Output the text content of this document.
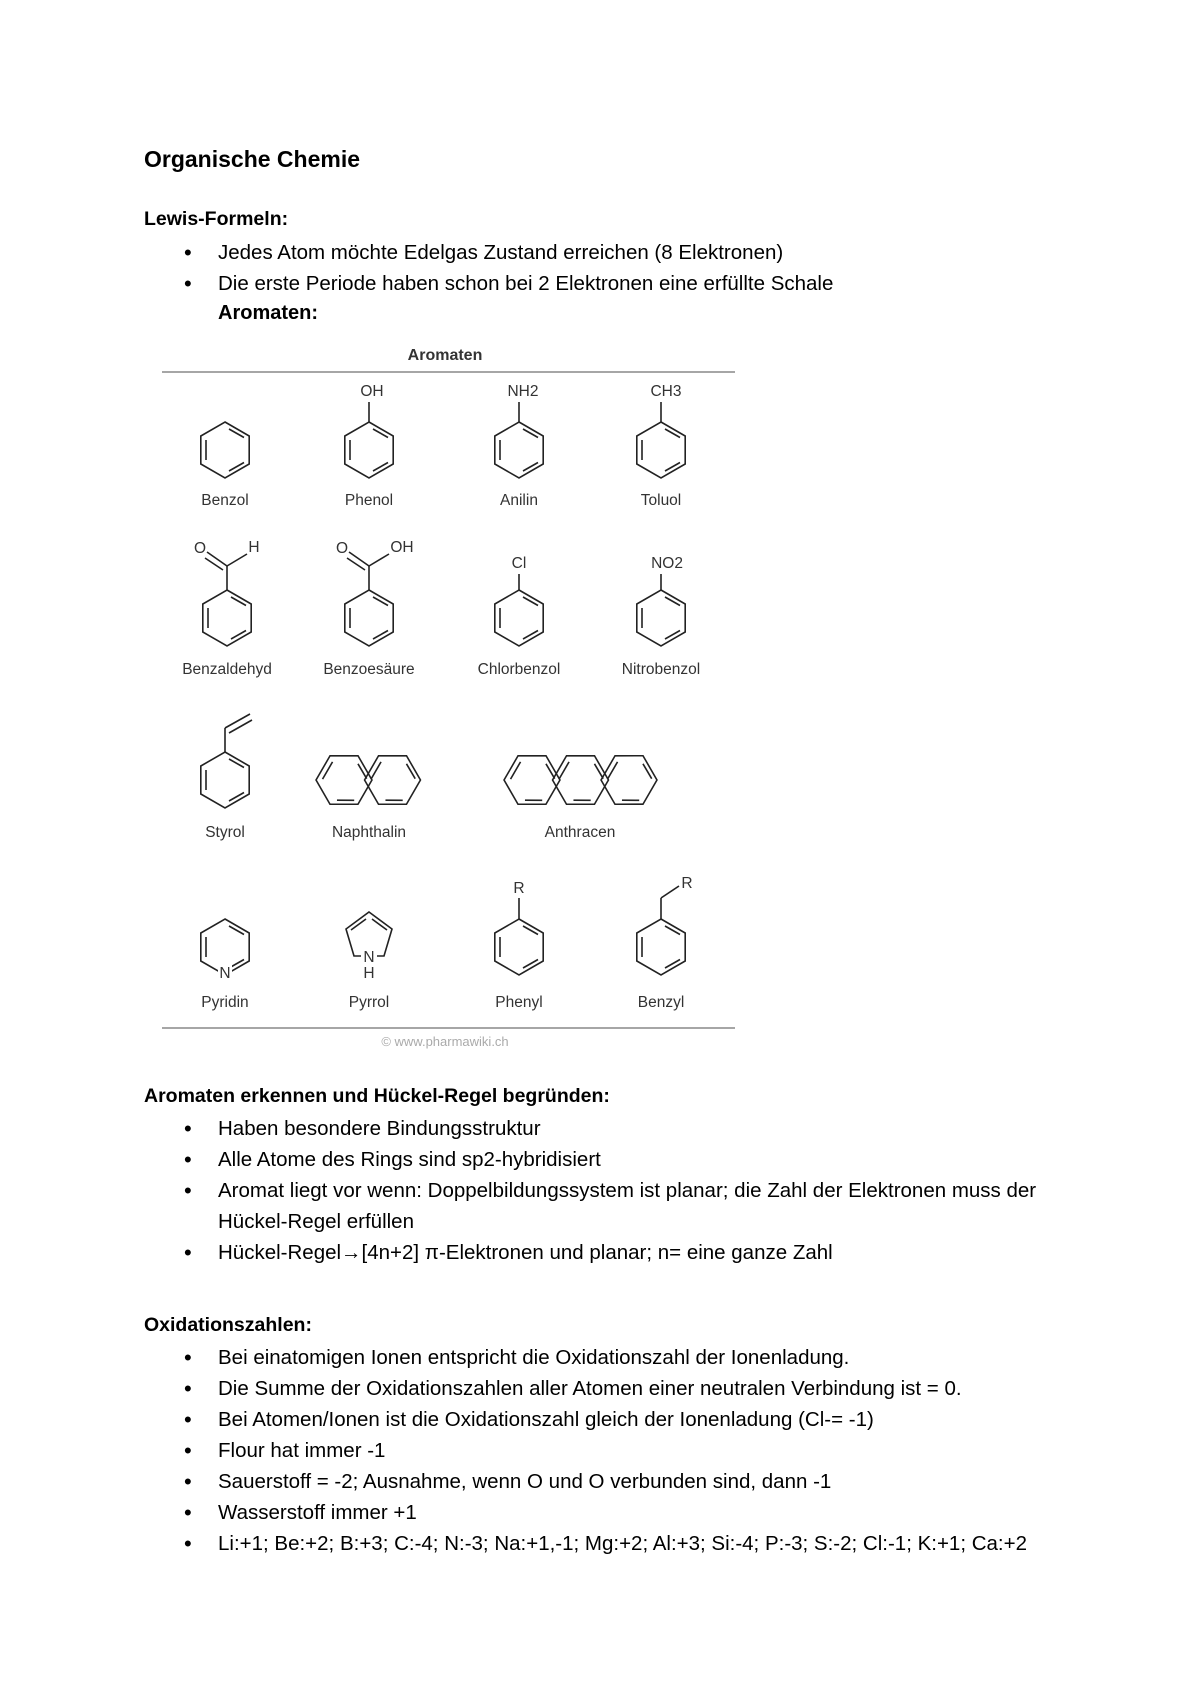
Organische Chemie
Lewis-Formeln:
• Jedes Atom möchte Edelgas Zustand erreichen (8 Elektronen)
• Die erste Periode haben schon bei 2 Elektronen eine erfüllte Schale
Aromaten:
Aromaten
Benzol
OH
Phenol
NH2
Anilin
CH3
Toluol
O	H
Benzaldehyd
O	OH
Benzoesäure
Cl
Chlorbenzol
NO2
Nitrobenzol
Styrol	Naphthalin	Anthracen
N
Pyridin
N
H
Pyrrol
R
Phenyl
R
Benzyl
© www.pharmawiki.ch
Aromaten erkennen und Hückel-Regel begründen:
• Haben besondere Bindungsstruktur
• Alle Atome des Rings sind sp2-hybridisiert
• Aromat liegt vor wenn: Doppelbildungssystem ist planar; die Zahl der Elektronen muss der Hückel-Regel erfüllen
• Hückel-Regel→[4n+2] π-Elektronen und planar; n= eine ganze Zahl
Oxidationszahlen:
• Bei einatomigen Ionen entspricht die Oxidationszahl der Ionenladung.
• Die Summe der Oxidationszahlen aller Atomen einer neutralen Verbindung ist = 0.
• Bei Atomen/Ionen ist die Oxidationszahl gleich der Ionenladung (Cl-= -1)
• Flour hat immer -1
• Sauerstoff = -2; Ausnahme, wenn O und O verbunden sind, dann -1
• Wasserstoff immer +1
• Li:+1; Be:+2; B:+3; C:-4; N:-3; Na:+1,-1; Mg:+2; Al:+3; Si:-4; P:-3; S:-2; Cl:-1; K:+1; Ca:+2
